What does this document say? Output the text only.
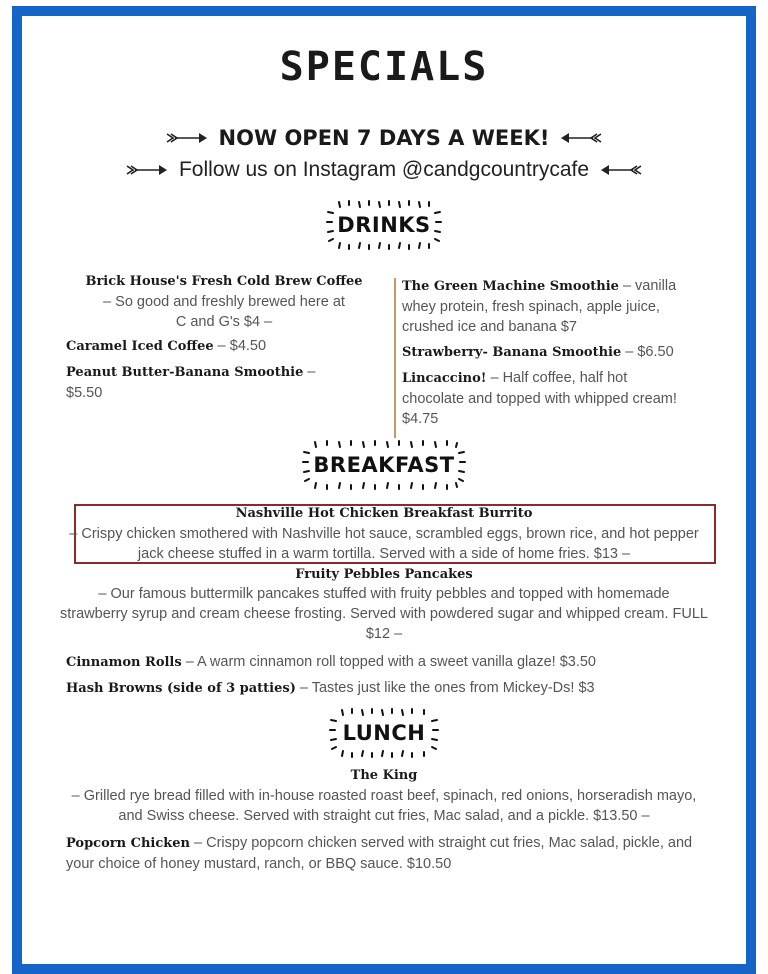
SPECIALS
NOW OPEN 7 DAYS A WEEK!
Follow us on Instagram @candgcountrycafe
DRINKS
Brick House's Fresh Cold Brew Coffee
– So good and freshly brewed here at
C and G's $4 –
Caramel Iced Coffee – $4.50
Peanut Butter-Banana Smoothie –
$5.50
The Green Machine Smoothie – vanilla
whey protein, fresh spinach, apple juice,
crushed ice and banana $7
Strawberry- Banana Smoothie – $6.50
Lincaccino! – Half coffee, half hot
chocolate and topped with whipped cream!
$4.75
BREAKFAST
Nashville Hot Chicken Breakfast Burrito
– Crispy chicken smothered with Nashville hot sauce, scrambled eggs, brown rice, and hot pepper
jack cheese stuffed in a warm tortilla. Served with a side of home fries. $13 –
Fruity Pebbles Pancakes
– Our famous buttermilk pancakes stuffed with fruity pebbles and topped with homemade
strawberry syrup and cream cheese frosting. Served with powdered sugar and whipped cream. FULL
$12 –
Cinnamon Rolls – A warm cinnamon roll topped with a sweet vanilla glaze! $3.50
Hash Browns (side of 3 patties) – Tastes just like the ones from Mickey-Ds! $3
LUNCH
The King
– Grilled rye bread filled with in-house roasted roast beef, spinach, red onions, horseradish mayo,
and Swiss cheese. Served with straight cut fries, Mac salad, and a pickle. $13.50 –
Popcorn Chicken – Crispy popcorn chicken served with straight cut fries, Mac salad, pickle, and
your choice of honey mustard, ranch, or BBQ sauce. $10.50
